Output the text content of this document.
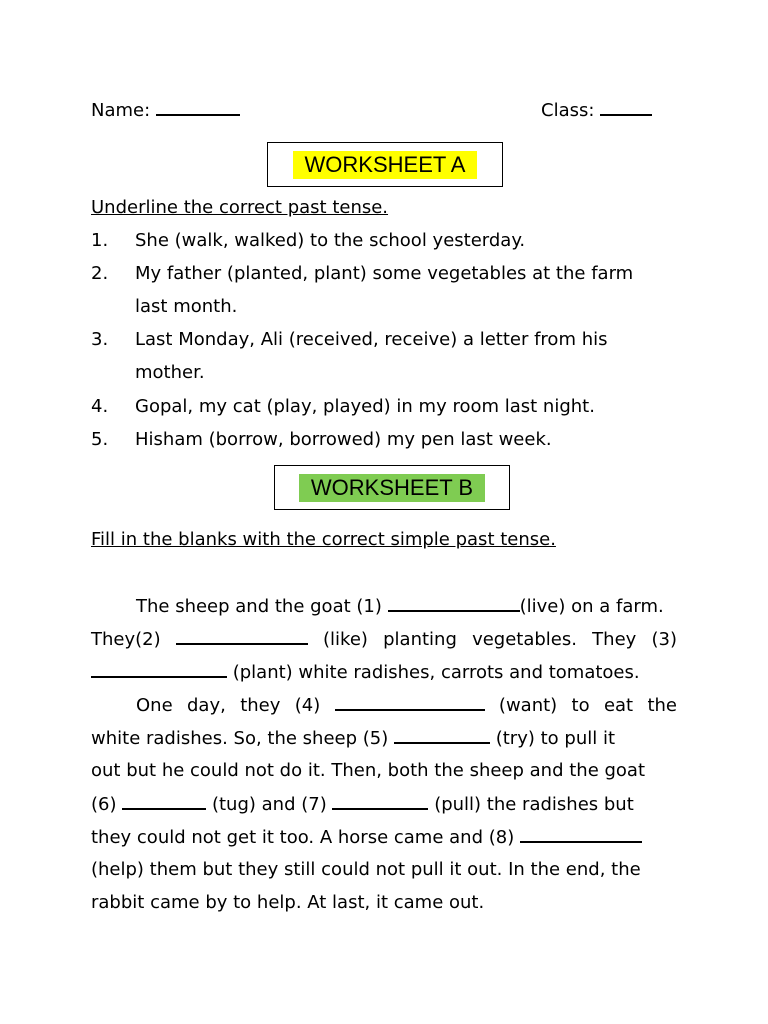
Name:	Class:
WORKSHEET A
Underline the correct past tense.
1. She (walk, walked) to the school yesterday.
2. My father (planted, plant) some vegetables at the farm
last month.
3. Last Monday, Ali (received, receive) a letter from his
mother.
4. Gopal, my cat (play, played) in my room last night.
5. Hisham (borrow, borrowed) my pen last week.
WORKSHEET B
Fill in the blanks with the correct simple past tense.
The sheep and the goat (1)	(live) on a farm.
They(2)	(like) planting vegetables. They (3)
(plant) white radishes, carrots and tomatoes.
One day, they (4)	(want) to eat the
white radishes. So, the sheep (5)	(try) to pull it
out but he could not do it. Then, both the sheep and the goat
(6)	(tug) and (7)	(pull) the radishes but
they could not get it too. A horse came and (8)
(help) them but they still could not pull it out. In the end, the
rabbit came by to help. At last, it came out.
